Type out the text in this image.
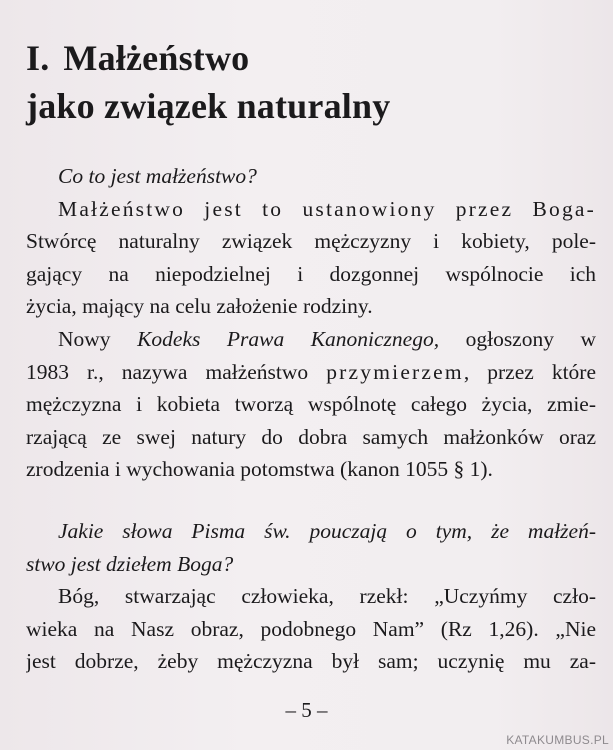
I. Małżeństwo
jako związek naturalny
Co to jest małżeństwo?
Małżeństwo jest to ustanowiony przez Boga-
Stwórcę naturalny związek mężczyzny i kobiety, pole-
gający na niepodzielnej i dozgonnej wspólnocie ich
życia, mający na celu założenie rodziny.
Nowy Kodeks Prawa Kanonicznego, ogłoszony w
1983 r., nazywa małżeństwo przymierzem, przez które
mężczyzna i kobieta tworzą wspólnotę całego życia, zmie-
rzającą ze swej natury do dobra samych małżonków oraz
zrodzenia i wychowania potomstwa (kanon 1055 § 1).
Jakie słowa Pisma św. pouczają o tym, że małżeń-
stwo jest dziełem Boga?
Bóg, stwarzając człowieka, rzekł: „Uczyńmy czło-
wieka na Nasz obraz, podobnego Nam” (Rz 1,26). „Nie
jest dobrze, żeby mężczyzna był sam; uczynię mu za-
– 5 –
KATAKUMBUS.PL
